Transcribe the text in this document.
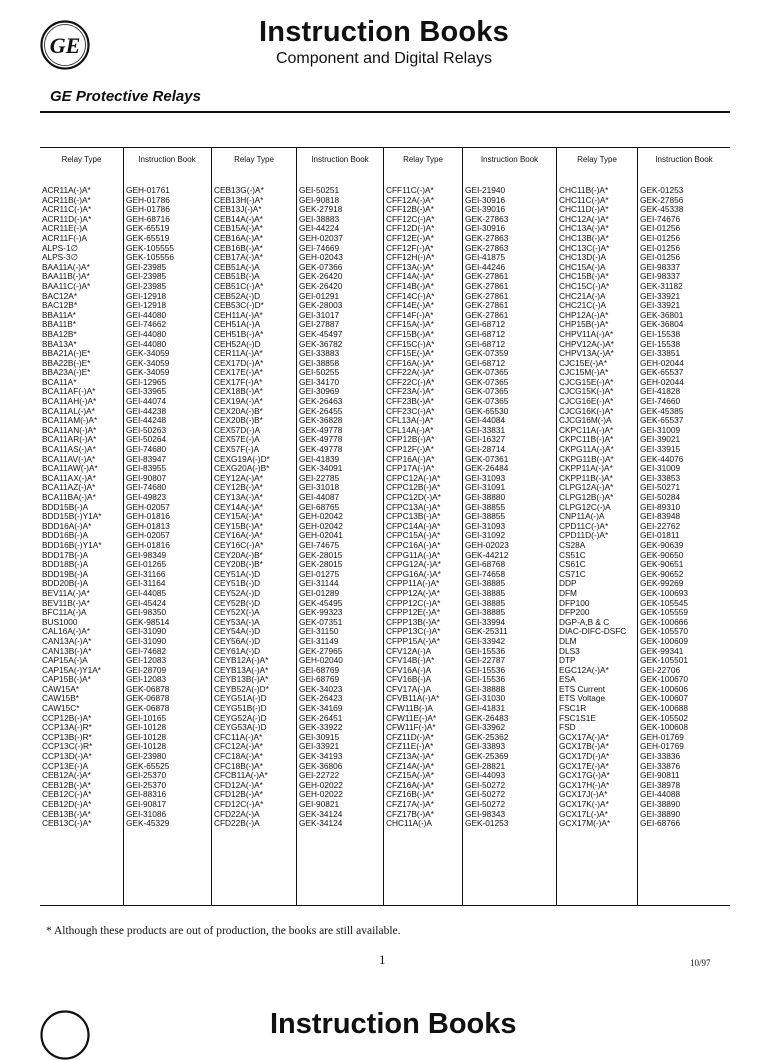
GE	Instruction Books
Component and Digital Relays
GE Protective Relays
Relay Type
ACR11A(-)A*
ACR11B(-)A*
ACR11C(-)A*
ACR11D(-)A*
ACR11E(-)A
ACR11F(-)A
ALPS-1∅
ALPS-3∅
BAA11A(-)A*
BAA11B(-)A*
BAA11C(-)A*
BAC12A*
BAC12B*
BBA11A*
BBA11B*
BBA12B*
BBA13A*
BBA21A(-)E*
BBA22B(-)E*
BBA23A(-)E*
BCA11A*
BCA11AF(-)A*
BCA11AH(-)A*
BCA11AL(-)A*
BCA11AM(-)A*
BCA11AN(-)A*
BCA11AR(-)A*
BCA11AS(-)A*
BCA11AV(-)A*
BCA11AW(-)A*
BCA11AX(-)A*
BCA11AZ(-)A*
BCA11BA(-)A*
BDD15B(-)A
BDD15B(-)Y1A*
BDD16A(-)A*
BDD16B(-)A
BDD16B(-)Y1A*
BDD17B(-)A
BDD18B(-)A
BDD19B(-)A
BDD20B(-)A
BEV11A(-)A*
BEV11B(-)A*
BFC11A(-)A
BUS1000
CAL16A(-)A*
CAN13A(-)A*
CAN13B(-)A*
CAP15A(-)A
CAP15A(-)Y1A*
CAP15B(-)A*
CAW15A*
CAW15B*
CAW15C*
CCP12B(-)A*
CCP13A(-)R*
CCP13B(-)R*
CCP13C(-)R*
CCP13D(-)A*
CCP13E(-)A
CEB12A(-)A*
CEB12B(-)A*
CEB12C(-)A*
CEB12D(-)A*
CEB13B(-)A*
CEB13C(-)A*
Instruction Book
GEH-01761
GEH-01786
GEH-01786
GEH-68716
GEK-65519
GEK-65519
GEK-105555
GEK-105556
GEI-23985
GEI-23985
GEI-23985
GEI-12918
GEI-12918
GEI-44080
GEI-74662
GEI-44080
GEI-44080
GEK-34059
GEK-34059
GEK-34059
GEI-12965
GEI-33965
GEI-44074
GEI-44238
GEI-44248
GEI-50263
GEI-50264
GEI-74680
GEI-83947
GEI-83955
GEI-90807
GEI-74680
GEI-49823
GEH-02057
GEH-01816
GEH-01813
GEH-02057
GEH-01816
GEI-98349
GEI-01265
GEI-31166
GEI-31164
GEI-44085
GEI-45424
GEI-98350
GEK-98514
GEI-31090
GEI-31090
GEI-74682
GEI-12083
GEI-28709
GEI-12083
GEK-06878
GEK-06878
GEK-06878
GEI-10165
GEI-10128
GEI-10128
GEI-10128
GEI-23980
GEK-65525
GEI-25370
GEI-25370
GEI-88316
GEI-90817
GEI-31086
GEK-45329
Relay Type
CEB13G(-)A*
CEB13H(-)A*
CEB13J(-)A*
CEB14A(-)A*
CEB15A(-)A*
CEB16A(-)A*
CEB16B(-)A*
CEB17A(-)A*
CEB51A(-)A
CEB51B(-)A
CEB51C(-)A*
CEB52A(-)D
CEB53C(-)D*
CEH11A(-)A*
CEH51A(-)A
CEH51B(-)A*
CEH52A(-)D
CER11A(-)A*
CEX17D(-)A*
CEX17E(-)A*
CEX17F(-)A*
CEX18B(-)A*
CEX19A(-)A*
CEX20A(-)B*
CEX20B(-)B*
CEX57D(-)A
CEX57E(-)A
CEX57F(-)A
CEXG19A(-)D*
CEXG20A(-)B*
CEY12A(-)A*
CEY12B(-)A*
CEY13A(-)A*
CEY14A(-)A*
CEY15A(-)A*
CEY15B(-)A*
CEY16A(-)A*
CEY16C(-)A*
CEY20A(-)B*
CEY20B(-)B*
CEY51A(-)D
CEY51B(-)D
CEY52A(-)D
CEY52B(-)D
CEY52X(-)A
CEY53A(-)A
CEY54A(-)D
CEY56A(-)D
CEY61A(-)D
CEYB12A(-)A*
CEYB13A(-)A*
CEYB13B(-)A*
CEYB52A(-)D*
CEYG51A(-)D
CEYG51B(-)D
CEYG52A(-)D
CEYG53A(-)D
CFC11A(-)A*
CFC12A(-)A*
CFC18A(-)A*
CFC18B(-)A*
CFCB11A(-)A*
CFD12A(-)A*
CFD12B(-)A*
CFD12C(-)A*
CFD22A(-)A
CFD22B(-)A
Instruction Book
GEI-50251
GEI-90818
GEK-27918
GEI-38883
GEI-44224
GEH-02037
GEI-74669
GEH-02043
GEK-07366
GEK-26420
GEK-26420
GEI-01291
GEK-28003
GEI-31017
GEI-27887
GEK-45497
GEK-36782
GEI-33883
GEI-38858
GEI-50255
GEI-34170
GEI-30969
GEK-26463
GEK-26455
GEK-36828
GEK-49778
GEK-49778
GEK-49778
GEI-41839
GEK-34091
GEI-22785
GEI-31018
GEI-44087
GEI-68765
GEH-02042
GEH-02042
GEH-02041
GEI-74675
GEK-28015
GEK-28015
GEI-01275
GEI-31144
GEI-01289
GEK-45495
GEK-99323
GEK-07351
GEI-31150
GEI-31149
GEK-27965
GEH-02040
GEI-68769
GEI-68769
GEK-34023
GEK-26423
GEK-34169
GEK-26451
GEK-33922
GEI-30915
GEI-33921
GEK-34193
GEK-36806
GEI-22722
GEH-02022
GEH-02022
GEI-90821
GEK-34124
GEK-34124
Relay Type
CFF11C(-)A*
CFF12A(-)A*
CFF12B(-)A*
CFF12C(-)A*
CFF12D(-)A*
CFF12E(-)A*
CFF12F(-)A*
CFF12H(-)A*
CFF13A(-)A*
CFF14A(-)A*
CFF14B(-)A*
CFF14C(-)A*
CFF14E(-)A*
CFF14F(-)A*
CFF15A(-)A*
CFF15B(-)A*
CFF15C(-)A*
CFF15E(-)A*
CFF16A(-)A*
CFF22A(-)A*
CFF22C(-)A*
CFF23A(-)A*
CFF23B(-)A*
CFF23C(-)A*
CFL13A(-)A*
CFL14A(-)A*
CFP12B(-)A*
CFP12F(-)A*
CFP16A(-)A*
CFP17A(-)A*
CFPC12A(-)A*
CFPC12B(-)A*
CFPC12D(-)A*
CFPC13A(-)A*
CFPC13B(-)A*
CFPC14A(-)A*
CFPC15A(-)A*
CFPC16A(-)A*
CFPG11A(-)A*
CFPG12A(-)A*
CFPG16A(-)A*
CFPP11A(-)A*
CFPP12A(-)A*
CFPP12C(-)A*
CFPP12E(-)A*
CFPP13B(-)A*
CFPP13C(-)A*
CFPP15A(-)A*
CFV12A(-)A
CFV14B(-)A*
CFV16A(-)A
CFV16B(-)A
CFV17A(-)A
CFVB11A(-)A*
CFW11B(-)A
CFW11E(-)A*
CFW11F(-)A*
CFZ11D(-)A*
CFZ11E(-)A*
CFZ13A(-)A*
CFZ14A(-)A*
CFZ15A(-)A*
CFZ16A(-)A*
CFZ16B(-)A*
CFZ17A(-)A*
CFZ17B(-)A*
CHC11A(-)A
Instruction Book
GEI-21940
GEI-30916
GEI-39016
GEK-27863
GEI-30916
GEK-27863
GEK-27863
GEI-41875
GEI-44246
GEK-27861
GEK-27861
GEK-27861
GEK-27861
GEK-27861
GEI-68712
GEI-68712
GEI-68712
GEK-07359
GEI-68712
GEK-07365
GEK-07365
GEK-07365
GEK-07365
GEK-65530
GEI-44084
GEI-33831
GEI-16327
GEI-28714
GEK-07361
GEK-26484
GEI-31093
GEI-31091
GEI-38880
GEI-38855
GEI-38855
GEI-31093
GEI-31092
GEH-02023
GEK-44212
GEI-68768
GEI-74658
GEI-38885
GEI-38885
GEI-38885
GEI-38885
GEI-33994
GEK-25311
GEI-33942
GEI-15536
GEI-22787
GEI-15536
GEI-15536
GEI-38888
GEI-31030
GEI-41831
GEK-26483
GEI-33962
GEK-25362
GEI-33893
GEK-25369
GEI-28821
GEI-44093
GEI-50272
GEI-50272
GEI-50272
GEI-98343
GEK-01253
Relay Type
CHC11B(-)A*
CHC11C(-)A*
CHC11D(-)A*
CHC12A(-)A*
CHC13A(-)A*
CHC13B(-)A*
CHC13C(-)A*
CHC13D(-)A
CHC15A(-)A
CHC15B(-)A*
CHC15C(-)A*
CHC21A(-)A
CHC21C(-)A
CHP12A(-)A*
CHP15B(-)A*
CHPV11A(-)A*
CHPV12A(-)A*
CHPV13A(-)A*
CJC15E(-)A*
CJC15M(-)A*
CJCG15E(-)A*
CJCG15K(-)A*
CJCG16E(-)A*
CJCG16K(-)A*
CJCG16M(-)A
CKPC11A(-)A*
CKPC11B(-)A*
CKPG11A(-)A*
CKPG11B(-)A*
CKPP11A(-)A*
CKPP11B(-)A*
CLPG12A(-)A*
CLPG12B(-)A*
CLPG12C(-)A
CNP11A(-)A
CPD11C(-)A*
CPD11D(-)A*
CS28A
CS51C
CS61C
CS71C
DDP
DFM
DFP100
DFP200
DGP-A,B & C
DIAC-DIFC-DSFC
DLM
DLS3
DTP
EGC12A(-)A*
ESA
ETS Current
ETS Voltage
FSC1R
FSC1S1E
FSD
GCX17A(-)A*
GCX17B(-)A*
GCX17D(-)A*
GCX17E(-)A*
GCX17G(-)A*
GCX17H(-)A*
GCX17J(-)A*
GCX17K(-)A*
GCX17L(-)A*
GCX17M(-)A*
Instruction Book
GEK-01253
GEK-27856
GEK-45338
GEI-74676
GEI-01256
GEI-01256
GEI-01256
GEI-01256
GEI-98337
GEI-98337
GEK-31182
GEI-33921
GEI-33921
GEK-36801
GEK-36804
GEI-15538
GEI-15538
GEI-33851
GEH-02044
GEK-65537
GEH-02044
GEI-41828
GEI-74660
GEK-45385
GEK-65537
GEI-31009
GEI-39021
GEI-33915
GEK-44076
GEI-31009
GEI-33853
GEI-50271
GEI-50284
GEI-89310
GEI-83948
GEI-22762
GEI-01811
GEK-90639
GEK-90650
GEK-90651
GEK-90652
GEK-99269
GEK-100693
GEK-105545
GEK-105559
GEK-100666
GEK-105570
GEK-100609
GEK-99341
GEK-105501
GEI-22706
GEK-100670
GEK-100606
GEK-100607
GEK-100688
GEK-105502
GEK-100608
GEH-01769
GEH-01769
GEI-33836
GEI-33876
GEI-90811
GEI-38978
GEI-44088
GEI-38890
GEI-38890
GEI-68766
* Although these products are out of production, the books are still available.
1	10/97
Instruction Books
